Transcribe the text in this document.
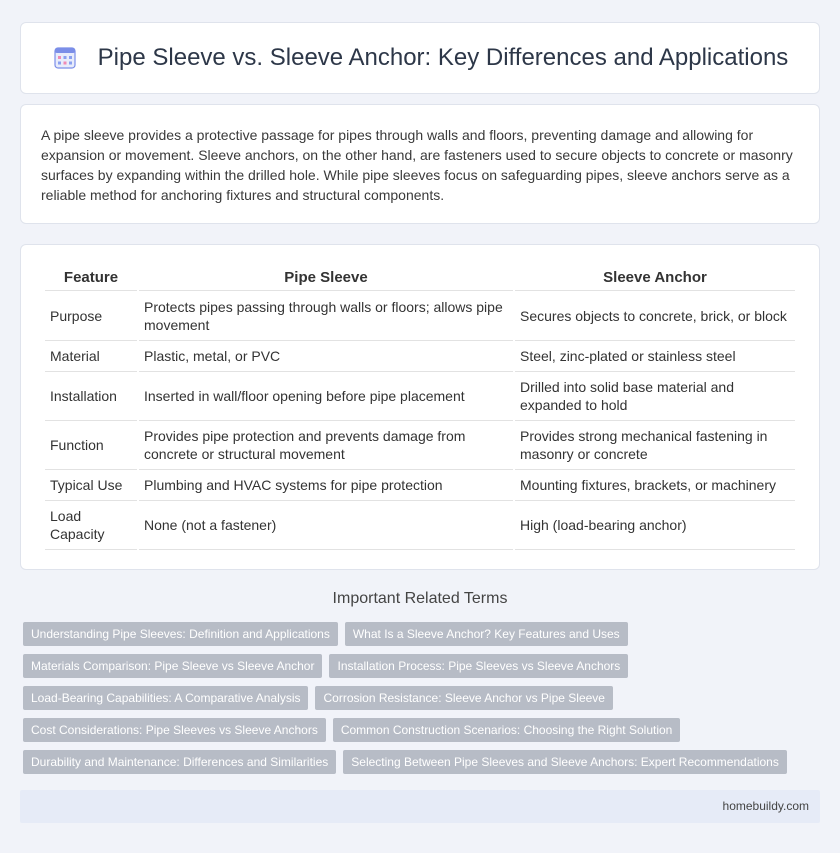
Pipe Sleeve vs. Sleeve Anchor: Key Differences and Applications

A pipe sleeve provides a protective passage for pipes through walls and floors, preventing damage and allowing for expansion or movement. Sleeve anchors, on the other hand, are fasteners used to secure objects to concrete or masonry surfaces by expanding within the drilled hole. While pipe sleeves focus on safeguarding pipes, sleeve anchors serve as a reliable method for anchoring fixtures and structural components.

Feature	Pipe Sleeve	Sleeve Anchor
Purpose	Protects pipes passing through walls or floors; allows pipe movement	Secures objects to concrete, brick, or block
Material	Plastic, metal, or PVC	Steel, zinc-plated or stainless steel
Installation	Inserted in wall/floor opening before pipe placement	Drilled into solid base material and expanded to hold
Function	Provides pipe protection and prevents damage from concrete or structural movement	Provides strong mechanical fastening in masonry or concrete
Typical Use	Plumbing and HVAC systems for pipe protection	Mounting fixtures, brackets, or machinery
Load Capacity	None (not a fastener)	High (load-bearing anchor)
Important Related Terms
Understanding Pipe Sleeves: Definition and Applications	What Is a Sleeve Anchor? Key Features and Uses
Materials Comparison: Pipe Sleeve vs Sleeve Anchor	Installation Process: Pipe Sleeves vs Sleeve Anchors
Load-Bearing Capabilities: A Comparative Analysis	Corrosion Resistance: Sleeve Anchor vs Pipe Sleeve
Cost Considerations: Pipe Sleeves vs Sleeve Anchors	Common Construction Scenarios: Choosing the Right Solution
Durability and Maintenance: Differences and Similarities	Selecting Between Pipe Sleeves and Sleeve Anchors: Expert Recommendations
homebuildy.com
